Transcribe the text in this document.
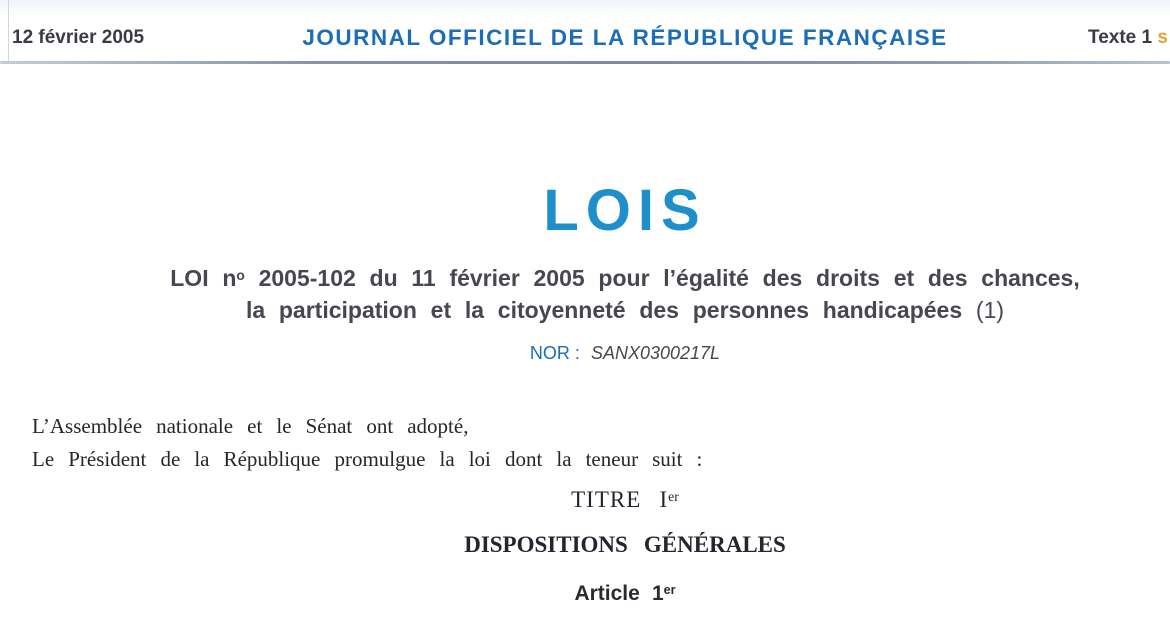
12 février 2005	JOURNAL OFFICIEL DE LA RÉPUBLIQUE FRANÇAISE	Texte 1 s
LOIS
LOI $n^o$ 2005-102 du 11 février 2005 pour l’égalité des droits et des chances,
la participation et la citoyenneté des personnes handicapées (1)
NOR : SANX0300217L

L’Assemblée nationale et le Sénat ont adopté,

Le Président de la République promulgue la loi dont la teneur suit :

TITRE Ier
DISPOSITIONS GÉNÉRALES
Article 1er
